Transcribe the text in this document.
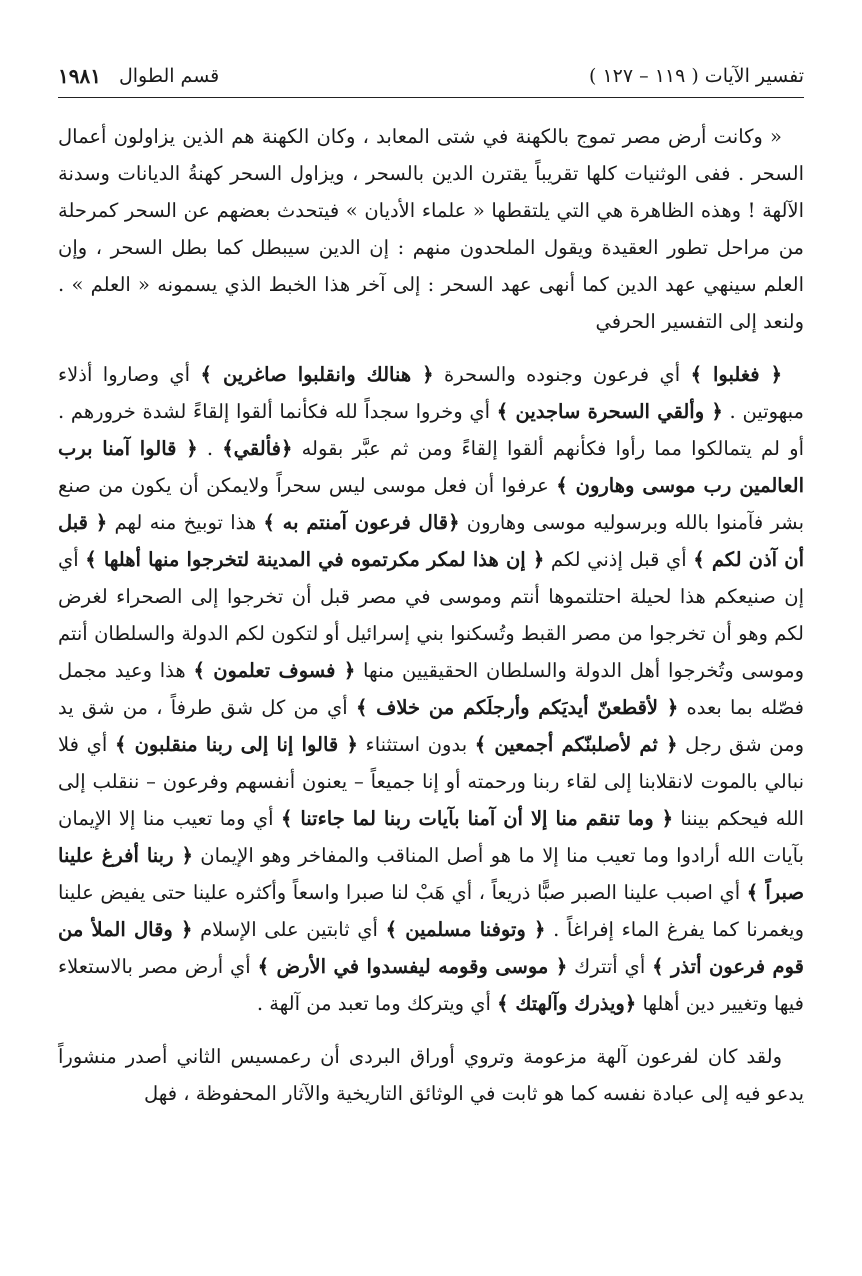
تفسير الآيات ( ١١٩ – ١٢٧ )
قسم الطوال
١٩٨١

« وكانت أرض مصر تموج بالكهنة في شتى المعابد ، وكان الكهنة هم الذين يزاولون أعمال السحر . ففى الوثنيات كلها تقريباً يقترن الدين بالسحر ، ويزاول السحر كهنةُ الديانات وسدنة الآلهة ! وهذه الظاهرة هي التي يلتقطها « علماء الأديان » فيتحدث بعضهم عن السحر كمرحلة من مراحل تطور العقيدة ويقول الملحدون منهم : إن الدين سيبطل كما بطل السحر ، وإن العلم سينهي عهد الدين كما أنهى عهد السحر : إلى آخر هذا الخبط الذي يسمونه « العلم » . ولنعد إلى التفسير الحرفي

﴿ فغلبوا ﴾ أي فرعون وجنوده والسحرة ﴿ هنالك وانقلبوا صاغرين ﴾ أي وصاروا أذلاء مبهوتين . ﴿ وألقي السحرة ساجدين ﴾ أي وخروا سجداً لله فكأنما ألقوا إلقاءً لشدة خرورهم . أو لم يتمالكوا مما رأوا فكأنهم ألقوا إلقاءً ومن ثم عبَّر بقوله ﴿فألقي﴾ . ﴿ قالوا آمنا برب العالمين رب موسى وهارون ﴾ عرفوا أن فعل موسى ليس سحراً ولايمكن أن يكون من صنع بشر فآمنوا بالله وبرسوليه موسى وهارون ﴿قال فرعون آمنتم به ﴾ هذا توبيخ منه لهم ﴿ قبل أن آذن لكم ﴾ أي قبل إذني لكم ﴿ إن هذا لمكر مكرتموه في المدينة لتخرجوا منها أهلها ﴾ أي إن صنيعكم هذا لحيلة احتلتموها أنتم وموسى في مصر قبل أن تخرجوا إلى الصحراء لغرض لكم وهو أن تخرجوا من مصر القبط وتُسكنوا بني إسرائيل أو لتكون لكم الدولة والسلطان أنتم وموسى وتُخرجوا أهل الدولة والسلطان الحقيقيين منها ﴿ فسوف تعلمون ﴾ هذا وعيد مجمل فصّله بما بعده ﴿ لأقطعنّ أيديَكم وأرجلَكم من خلاف ﴾ أي من كل شق طرفاً ، من شق يد ومن شق رجل ﴿ ثم لأصلبنّكم أجمعين ﴾ بدون استثناء ﴿ قالوا إنا إلى ربنا منقلبون ﴾ أي فلا نبالي بالموت لانقلابنا إلى لقاء ربنا ورحمته أو إنا جميعاً – يعنون أنفسهم وفرعون – ننقلب إلى الله فيحكم بيننا ﴿ وما تنقم منا إلا أن آمنا بآيات ربنا لما جاءتنا ﴾ أي وما تعيب منا إلا الإيمان بآيات الله أرادوا وما تعيب منا إلا ما هو أصل المناقب والمفاخر وهو الإيمان ﴿ ربنا أفرغ علينا صبراً ﴾ أي اصبب علينا الصبر صبًّا ذريعاً ، أي هَبْ لنا صبرا واسعاً وأكثره علينا حتى يفيض علينا ويغمرنا كما يفرغ الماء إفراغاً . ﴿ وتوفنا مسلمين ﴾ أي ثابتين على الإسلام ﴿ وقال الملأ من قوم فرعون أتذر ﴾ أي أتترك ﴿ موسى وقومه ليفسدوا في الأرض ﴾ أي أرض مصر بالاستعلاء فيها وتغيير دين أهلها ﴿ويذرك وآلهتك ﴾ أي ويتركك وما تعبد من آلهة .

ولقد كان لفرعون آلهة مزعومة وتروي أوراق البردى أن رعمسيس الثاني أصدر منشوراً يدعو فيه إلى عبادة نفسه كما هو ثابت في الوثائق التاريخية والآثار المحفوظة ، فهل
